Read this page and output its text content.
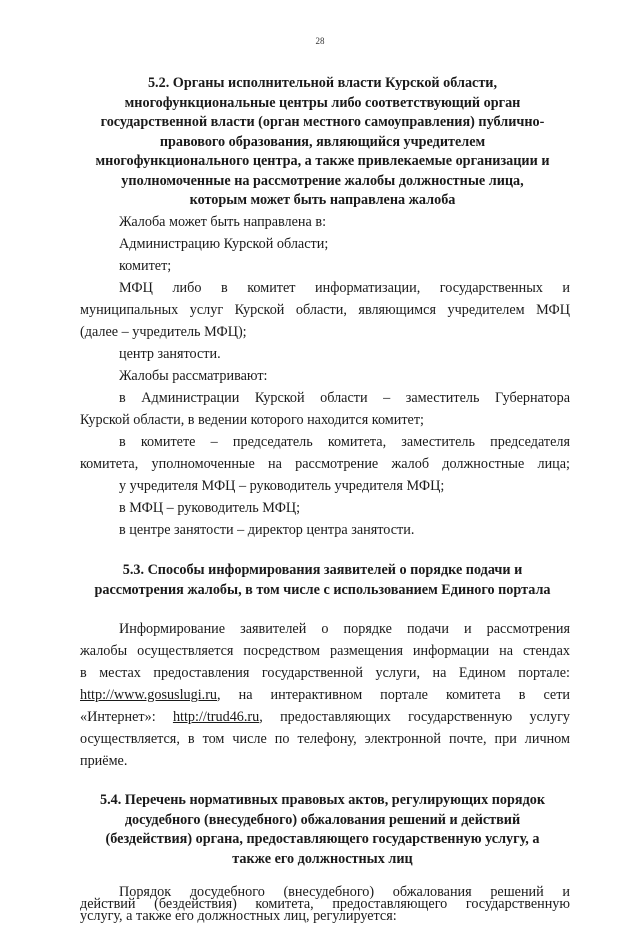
28
5.2. Органы исполнительной власти Курской области,
многофункциональные центры либо соответствующий орган
государственной власти (орган местного самоуправления) публично-
правового образования, являющийся учредителем
многофункционального центра, а также привлекаемые организации и
уполномоченные на рассмотрение жалобы должностные лица,
которым может быть направлена жалоба
Жалоба может быть направлена в:
Администрацию Курской области;
комитет;
МФЦ либо в комитет информатизации, государственных и
муниципальных услуг Курской области, являющимся учредителем МФЦ
(далее – учредитель МФЦ);
центр занятости.
Жалобы рассматривают:
в Администрации Курской области – заместитель Губернатора
Курской области, в ведении которого находится комитет;
в комитете – председатель комитета, заместитель председателя
комитета, уполномоченные на рассмотрение жалоб должностные лица;
у учредителя МФЦ – руководитель учредителя МФЦ;
в МФЦ – руководитель МФЦ;
в центре занятости – директор центра занятости.
5.3. Способы информирования заявителей о порядке подачи и
рассмотрения жалобы, в том числе с использованием Единого портала
Информирование заявителей о порядке подачи и рассмотрения
жалобы осуществляется посредством размещения информации на стендах
в местах предоставления государственной услуги, на Едином портале:
http://www.gosuslugi.ru, на интерактивном портале комитета в сети
«Интернет»: http://trud46.ru, предоставляющих государственную услугу
осуществляется, в том числе по телефону, электронной почте, при личном
приёме.
5.4. Перечень нормативных правовых актов, регулирующих порядок
досудебного (внесудебного) обжалования решений и действий
(бездействия) органа, предоставляющего государственную услугу, а
также его должностных лиц
Порядок досудебного (внесудебного) обжалования решений и
действий (бездействия) комитета, предоставляющего государственную
услугу, а также его должностных лиц, регулируется:
